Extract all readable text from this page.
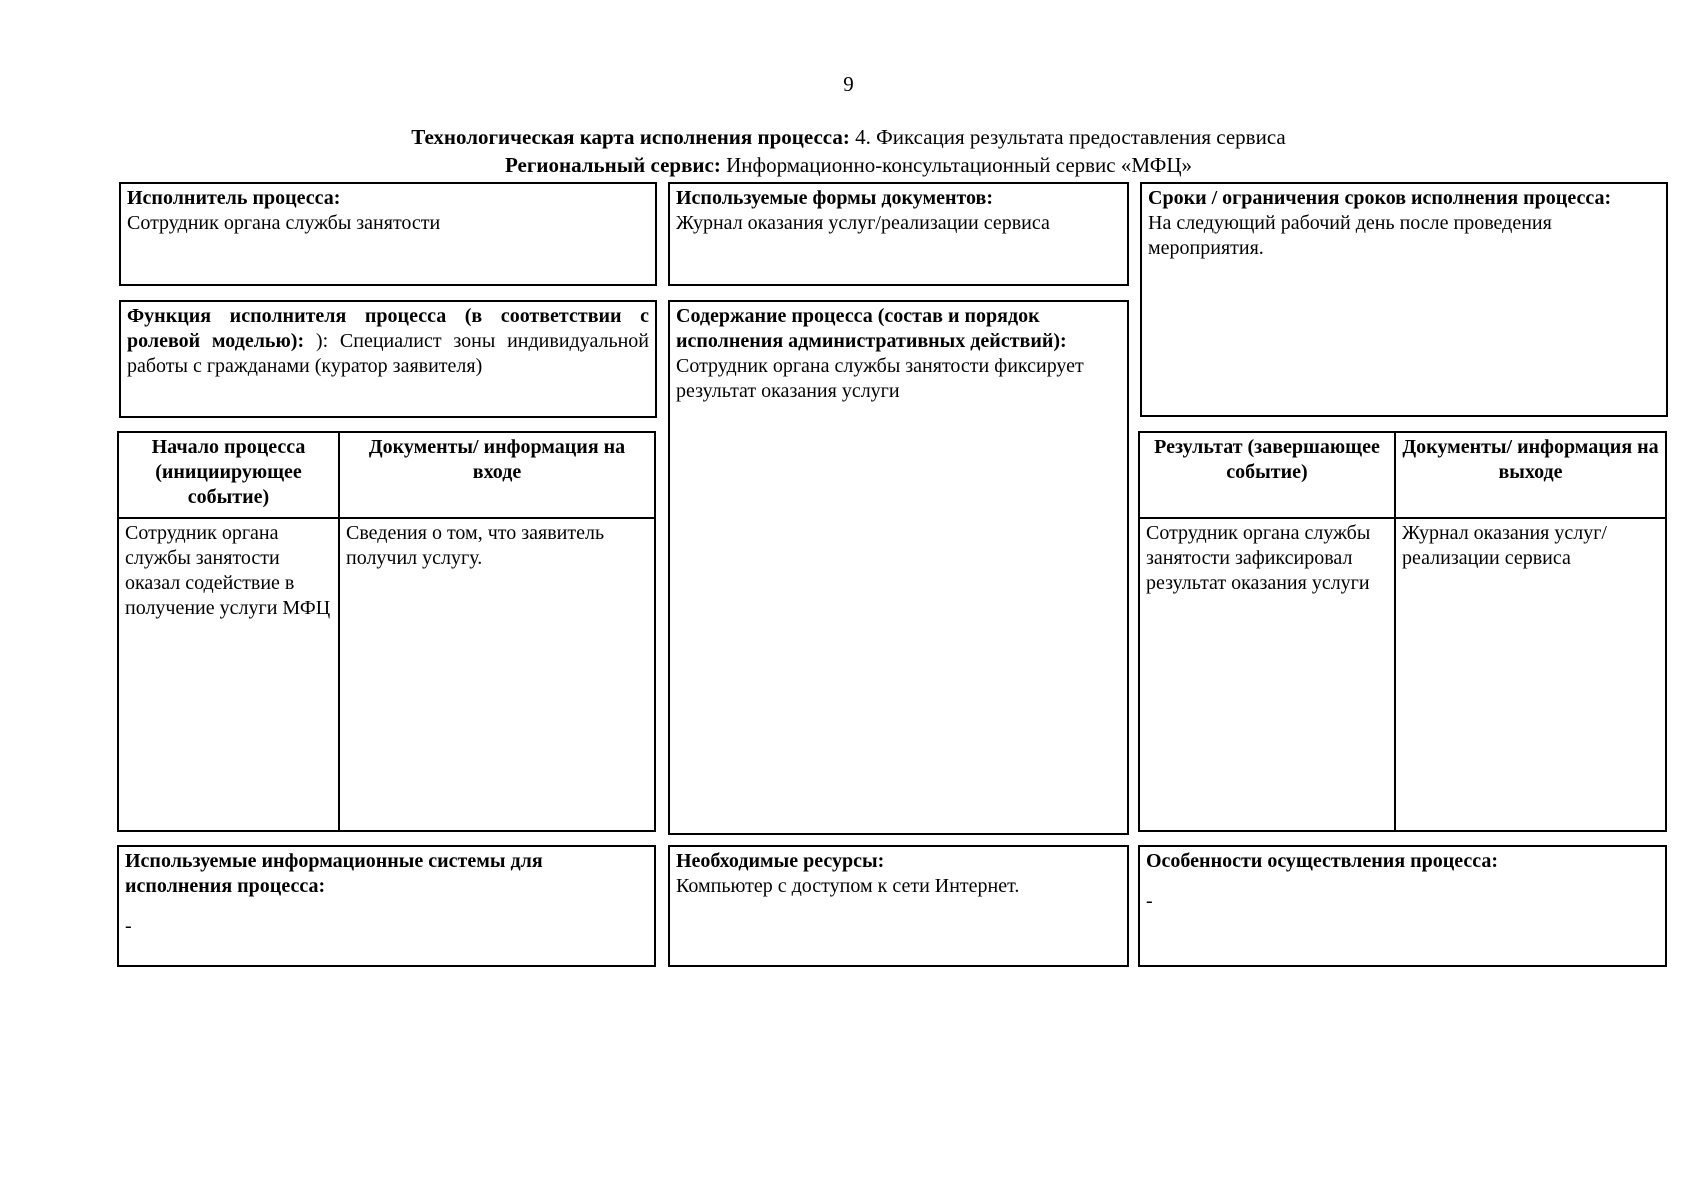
9
Технологическая карта исполнения процесса: 4. Фиксация результата предоставления сервиса
Региональный сервис: Информационно-консультационный сервис «МФЦ»
Исполнитель процесса:
Сотрудник органа службы занятости
Используемые формы документов:
Журнал оказания услуг/реализации сервиса
Сроки / ограничения сроков исполнения процесса:
На следующий рабочий день после проведения мероприятия.
Функция исполнителя процесса (в соответствии с ролевой моделью): ): Специалист зоны индивидуальной работы с гражданами (куратор заявителя)
Содержание процесса (состав и порядок исполнения административных действий):
Сотрудник органа службы занятости фиксирует результат оказания услуги
Начало процесса (инициирующее событие)
Документы/ информация на входе
Сотрудник органа службы занятости оказал содействие в получение услуги МФЦ
Сведения о том, что заявитель получил услугу.
Результат (завершающее событие)
Документы/ информация на выходе
Сотрудник органа службы занятости зафиксировал результат оказания услуги
Журнал оказания услуг/реализации сервиса
Используемые информационные системы для исполнения процесса:
-
Необходимые ресурсы:
Компьютер с доступом к сети Интернет.
Особенности осуществления процесса:
-
